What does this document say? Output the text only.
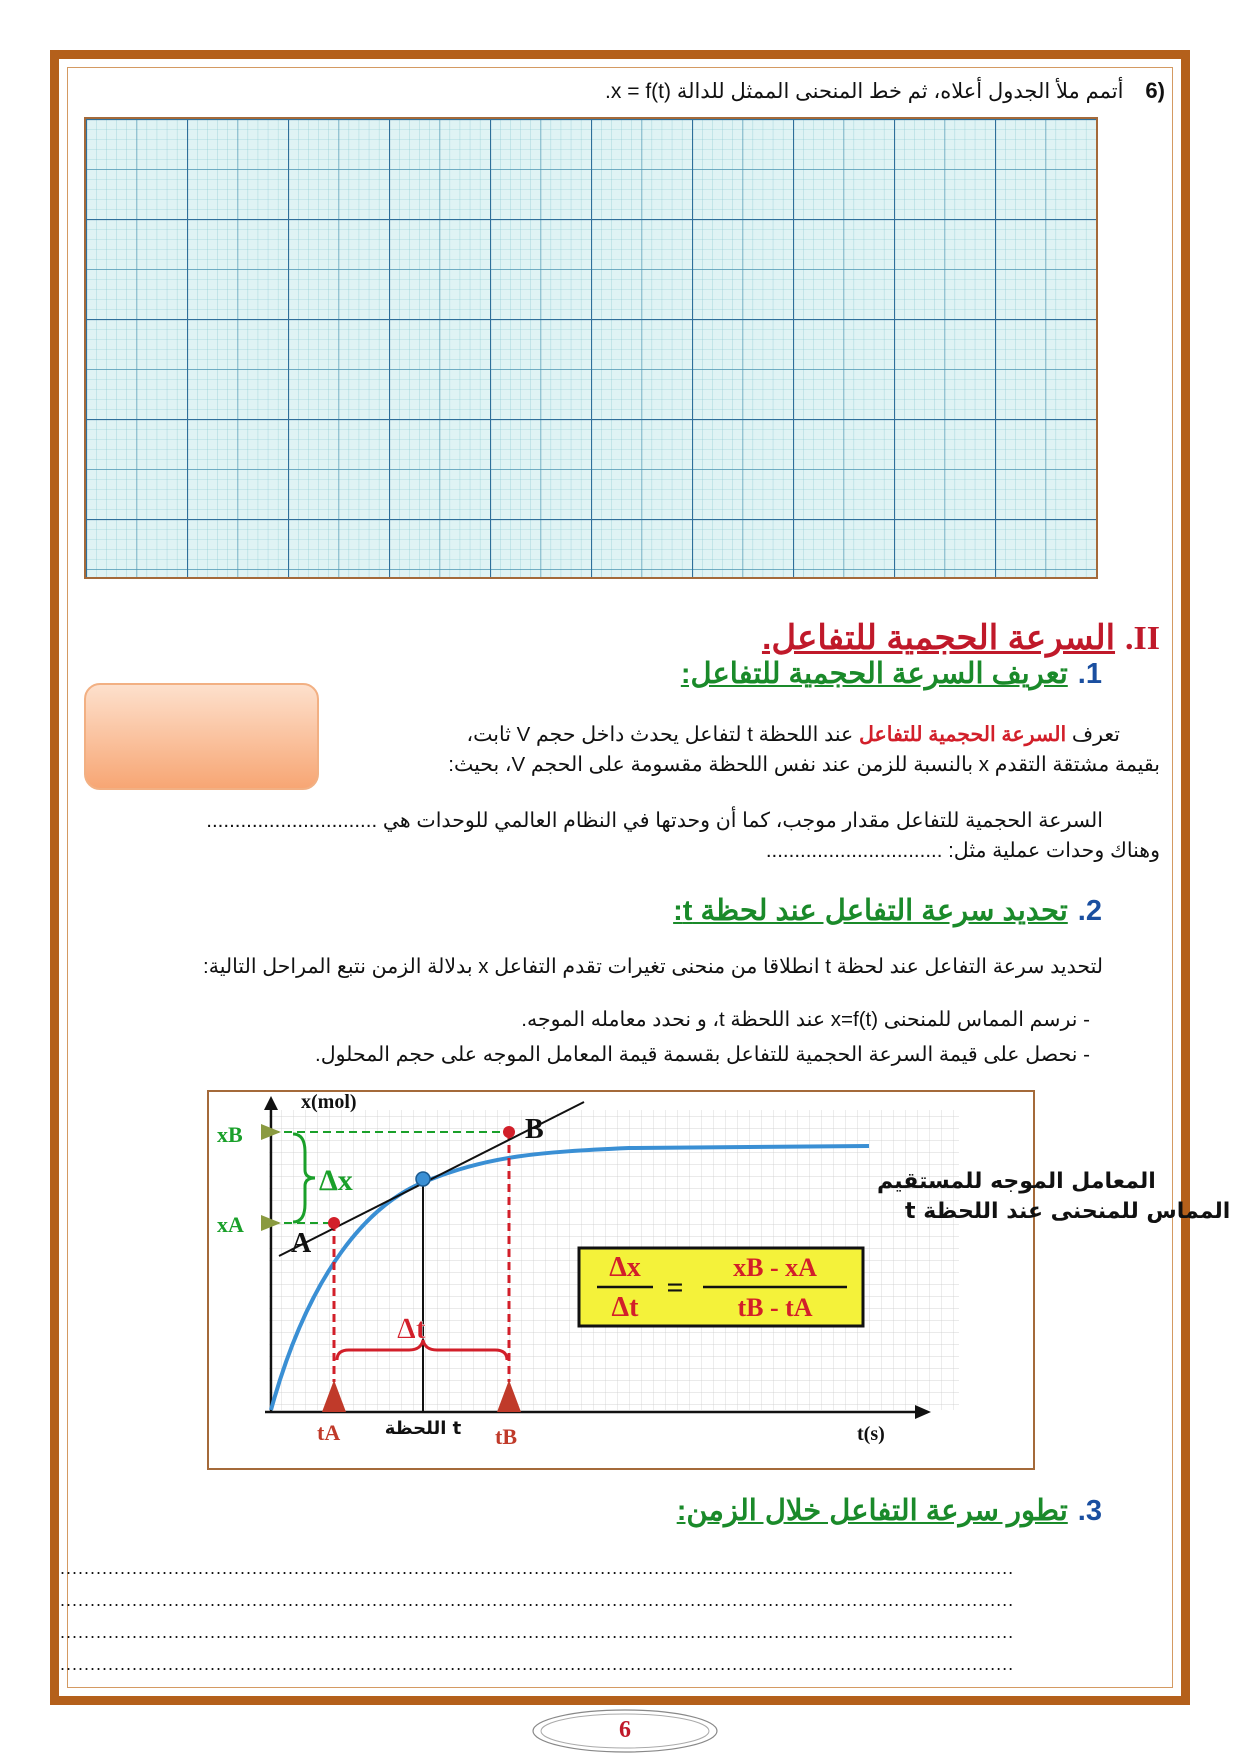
(6أتمم ملأ الجدول أعلاه، ثم خط المنحنى الممثل للدالة x = f(t).
II.السرعة الحجمية للتفاعل.
1.تعريف السرعة الحجمية للتفاعل:
تعرف السرعة الحجمية للتفاعل عند اللحظة t لتفاعل يحدث داخل حجم V ثابت،
بقيمة مشتقة التقدم x بالنسبة للزمن عند نفس اللحظة مقسومة على الحجم V، بحيث:
السرعة الحجمية للتفاعل مقدار موجب، كما أن وحدتها في النظام العالمي للوحدات هي ..............................
وهناك وحدات عملية مثل: ...............................
2.تحديد سرعة التفاعل عند لحظة t:
لتحديد سرعة التفاعل عند لحظة t انطلاقا من منحنى تغيرات تقدم التفاعل x بدلالة الزمن نتبع المراحل التالية:
- نرسم المماس للمنحنى x=f(t) عند اللحظة t، و نحدد معامله الموجه.
- نحصل على قيمة السرعة الحجمية للتفاعل بقسمة قيمة المعامل الموجه على حجم المحلول.
x(mol)
t(s)
A
B
xB
xA
Δx
tA	tB
Δt
t اللحظة
المعامل الموجه للمستقيم
المماس للمنحنى عند اللحظة t
Δx
Δt
=
xB - xA
tB - tA
3.تطور سرعة التفاعل خلال الزمن:
...............................................................................................................................................................
...............................................................................................................................................................
...............................................................................................................................................................
...............................................................................................................................................................
6
